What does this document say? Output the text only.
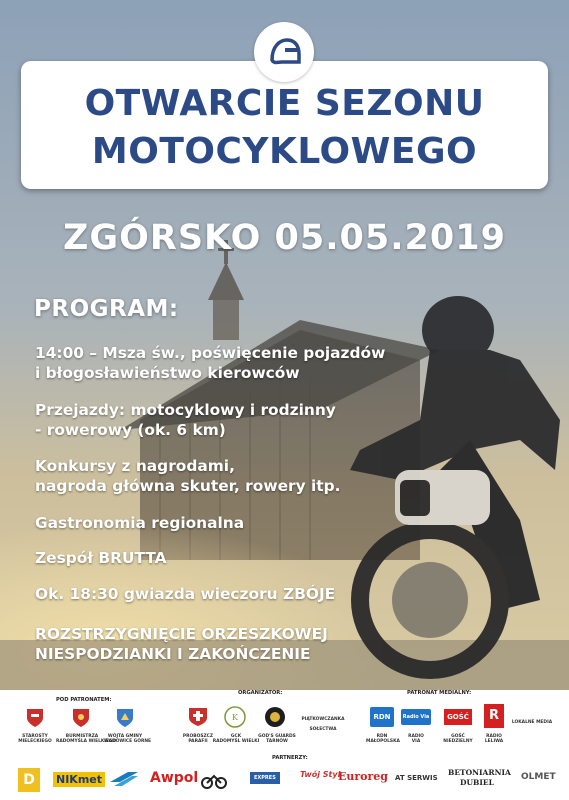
OTWARCIE SEZONU
MOTOCYKLOWEGO
ZGÓRSKO 05.05.2019
PROGRAM:
14:00 – Msza św., poświęcenie pojazdów
i błogosławieństwo kierowców
Przejazdy: motocyklowy i rodzinny
- rowerowy (ok. 6 km)
Konkursy z nagrodami,
nagroda główna skuter, rowery itp.
Gastronomia regionalna
Zespół BRUTTA
Ok. 18:30 gwiazda wieczoru ZBÓJE
ROZSTRZYGNIĘCIE ORZESZKOWEJ
NIESPODZIANKI I ZAKOŃCZENIE
POD PATRONATEM:
STAROSTY
MIELECKIEGO
BURMISTRZA
RADOMYŚLA WIELKIEGO
WÓJTA GMINY
WADOWICE GÓRNE
ORGANIZATOR:
K
PROBOSZCZ
PARAFII
GCK
RADOMYŚL WIELKI
GOD'S GUARDS
TARNÓW
PIĄTKOWCZANKA

SOŁECTWA
PATRONAT MEDIALNY:
RDN	Radio Via	GOŚĆ	R
RDN
MAŁOPOLSKA
RADIO
VIA
GOŚĆ
NIEDZIELNY
RADIO
LELIWA
LOKALNE MEDIA
PARTNERZY:
D	NIKmet	Awpol	EXPRES	Twój Styl
Euroreg AT SERWIS
BETONIARNIA
DUBIEL
OLMET
